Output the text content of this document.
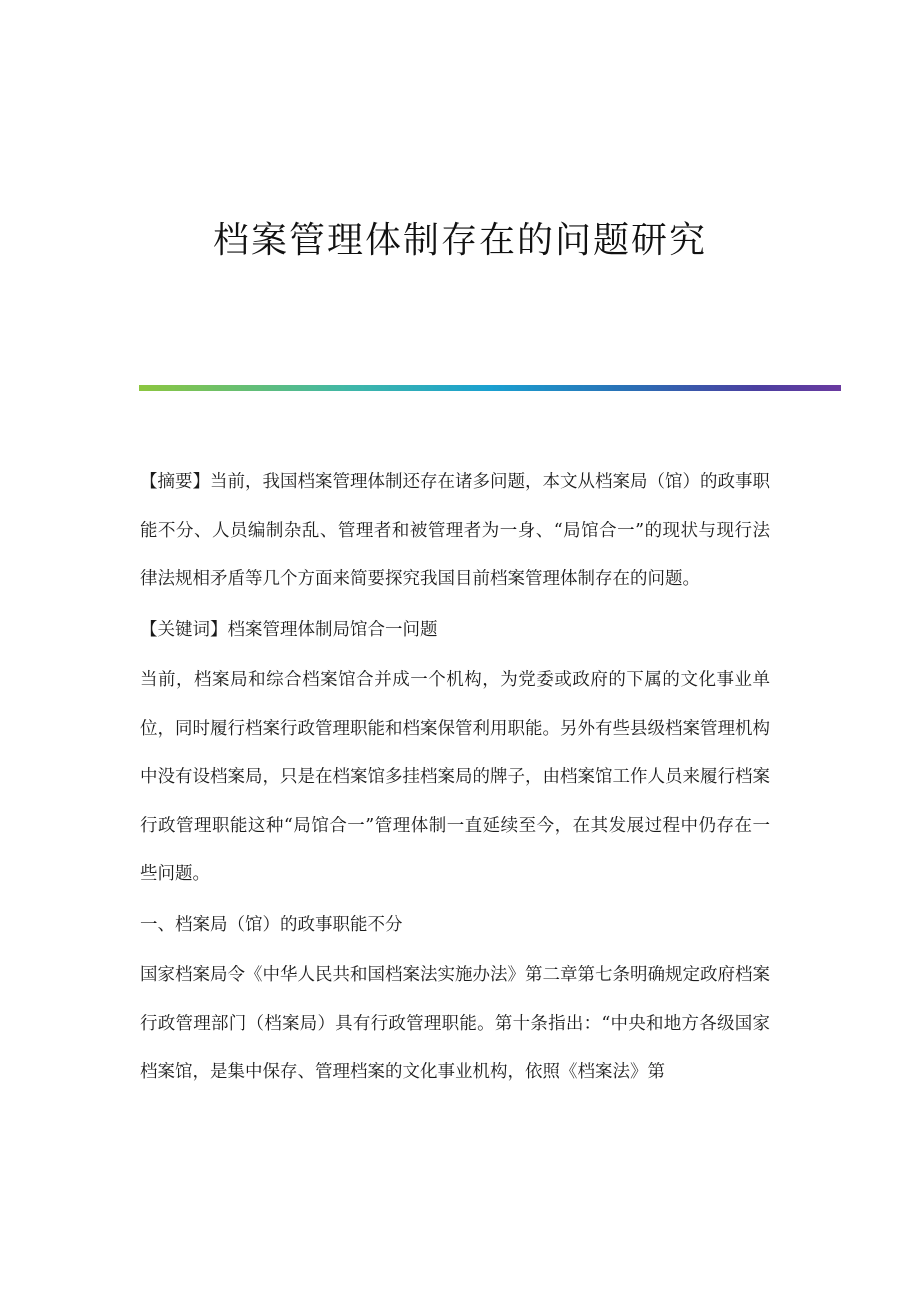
档案管理体制存在的问题研究

【摘要】当前，我国档案管理体制还存在诸多问题，本文从档案局（馆）的政事职能不分、人员编制杂乱、管理者和被管理者为一身、“局馆合一”的现状与现行法律法规相矛盾等几个方面来简要探究我国目前档案管理体制存在的问题。

【关键词】档案管理体制局馆合一问题

当前，档案局和综合档案馆合并成一个机构，为党委或政府的下属的文化事业单位，同时履行档案行政管理职能和档案保管利用职能。另外有些县级档案管理机构中没有设档案局，只是在档案馆多挂档案局的牌子，由档案馆工作人员来履行档案行政管理职能这种“局馆合一”管理体制一直延续至今，在其发展过程中仍存在一些问题。

一、档案局（馆）的政事职能不分

国家档案局令《中华人民共和国档案法实施办法》第二章第七条明确规定政府档案行政管理部门（档案局）具有行政管理职能。第十条指出：“中央和地方各级国家档案馆，是集中保存、管理档案的文化事业机构，依照《档案法》第
